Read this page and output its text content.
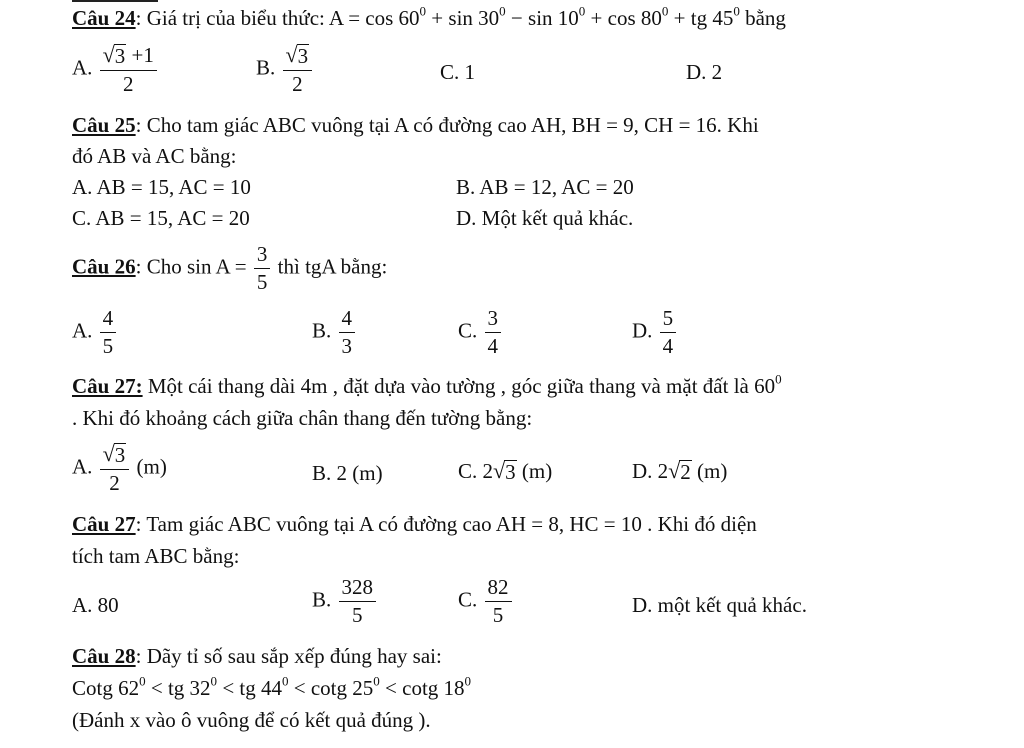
Câu 24: Giá trị của biểu thức: $A = \cos 60^0 + \sin 30^0 - \sin 10^0 + \cos 80^0$ + tg $45^0$ bằng
A. $\frac{√ 3 +1}{2}$	B. $\frac{√ 3}{2}$	C. 1	D. 2
Câu 25: Cho tam giác ABC vuông tại A có đường cao AH, BH = 9, CH = 16. Khi
đó AB và AC bằng:
A. AB = 15, AC = 10	B. AB = 12, AC = 20
C. AB = 15, AC = 20	D. Một kết quả khác.
Câu 26: Cho $\sin A = \frac{3}{5}$ thì tgA bằng:
A. $\frac{4}{5}$	B. $\frac{4}{3}$	C. $\frac{3}{4}$	D. $\frac{5}{4}$
Câu 27: Một cái thang dài 4m , đặt dựa vào tường , góc giữa thang và mặt đất là $60^0$
. Khi đó khoảng cách giữa chân thang đến tường bằng:
A. $\frac{√ 3}{2} (m)$	B. 2 (m)	C. 2 √ 3 (m)	D. 2 √ 2 (m)
Câu 27: Tam giác ABC vuông tại A có đường cao AH = 8, HC = 10 . Khi đó diện
tích tam ABC bằng:
A. 80	B. $\frac{328}{5}$	C. $\frac{82}{5}$	D. một kết quả khác.
Câu 28: Dãy tỉ số sau sắp xếp đúng hay sai:
Cotg $62^0$ < tg $32^0$ < tg $44^0 < \cot g$ $25^0 < \cot g$ $18^0$
(Đánh x vào ô vuông để có kết quả đúng ).
